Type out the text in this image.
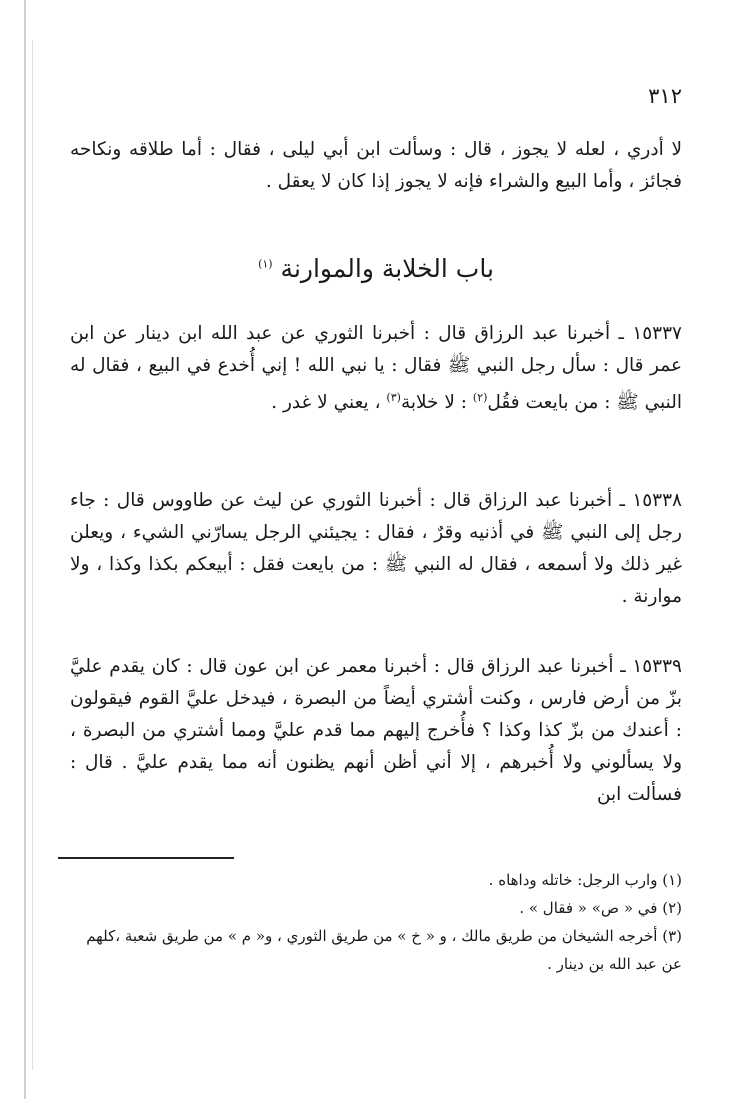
٣١٢

لا أدري ، لعله لا يجوز ، قال : وسألت ابن أبي ليلى ، فقال : أما طلاقه ونكاحه فجائز ، وأما البيع والشراء فإنه لا يجوز إذا كان لا يعقل .

باب الخلابة والموارنة $^{(١)}$

١٥٣٣٧ ـ أخبرنا عبد الرزاق قال : أخبرنا الثوري عن عبد الله ابن دينار عن ابن عمر قال : سأل رجل النبي ﷺ فقال : يا نبي الله ! إني أُخدع في البيع ، فقال له النبي ﷺ : من بايعت فقُل$^{(٢)}$ : لا خلابة$^{(٣)}$ ، يعني لا غدر .

١٥٣٣٨ ـ أخبرنا عبد الرزاق قال : أخبرنا الثوري عن ليث عن طاووس قال : جاء رجل إلى النبي ﷺ في أذنيه وقرٌ ، فقال : يجيئني الرجل يسارّني الشيء ، ويعلن غير ذلك ولا أسمعه ، فقال له النبي ﷺ : من بايعت فقل : أبيعكم بكذا وكذا ، ولا موارنة .

١٥٣٣٩ ـ أخبرنا عبد الرزاق قال : أخبرنا معمر عن ابن عون قال : كان يقدم عليَّ بزّ من أرض فارس ، وكنت أشتري أيضاً من البصرة ، فيدخل عليَّ القوم فيقولون : أعندك من بزّ كذا وكذا ؟ فأُخرج إليهم مما قدم عليَّ ومما أشتري من البصرة ، ولا يسألوني ولا أُخبرهم ، إلا أني أظن أنهم يظنون أنه مما يقدم عليَّ . قال : فسألت ابن

(١) وارب الرجل: خاتله وداهاه .

(٢) في « ص» « فقال » .

(٣) أخرجه الشيخان من طريق مالك ، و « خ » من طريق الثوري ، و« م » من طريق شعبة ،كلهم عن عبد الله بن دينار .
